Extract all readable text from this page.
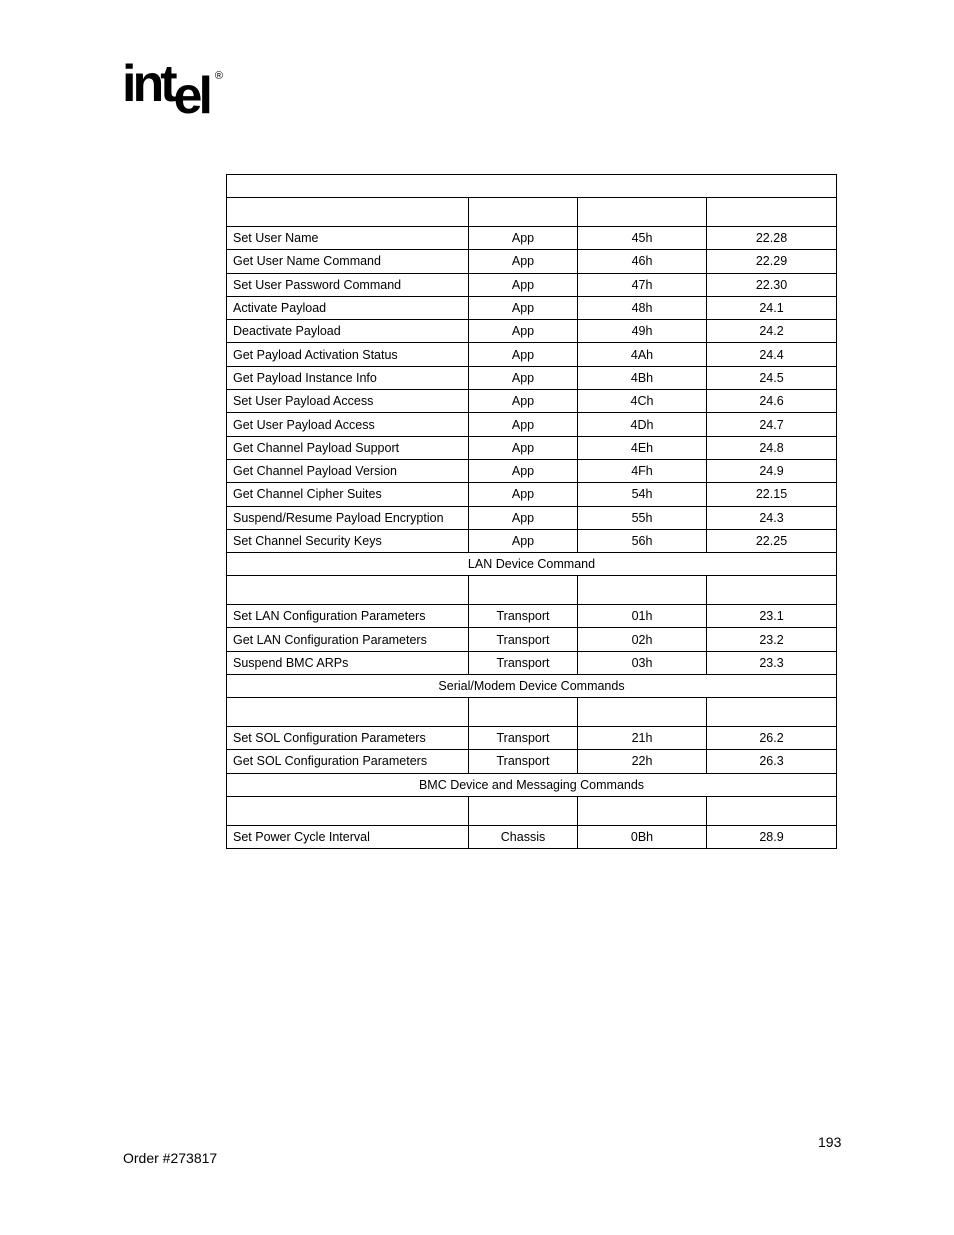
intel ®

Set User Name	App	45h	22.28
Get User Name Command	App	46h	22.29
Set User Password Command	App	47h	22.30
Activate Payload	App	48h	24.1
Deactivate Payload	App	49h	24.2
Get Payload Activation Status	App	4Ah	24.4
Get Payload Instance Info	App	4Bh	24.5
Set User Payload Access	App	4Ch	24.6
Get User Payload Access	App	4Dh	24.7
Get Channel Payload Support	App	4Eh	24.8
Get Channel Payload Version	App	4Fh	24.9
Get Channel Cipher Suites	App	54h	22.15
Suspend/Resume Payload Encryption	App	55h	24.3
Set Channel Security Keys	App	56h	22.25
LAN Device Command			

Set LAN Configuration Parameters	Transport	01h	23.1
Get LAN Configuration Parameters	Transport	02h	23.2
Suspend BMC ARPs	Transport	03h	23.3
Serial/Modem Device Commands			

Set SOL Configuration Parameters	Transport	21h	26.2
Get SOL Configuration Parameters	Transport	22h	26.3
BMC Device and Messaging Commands			

Set Power Cycle Interval	Chassis	0Bh	28.9
193
Order #273817
